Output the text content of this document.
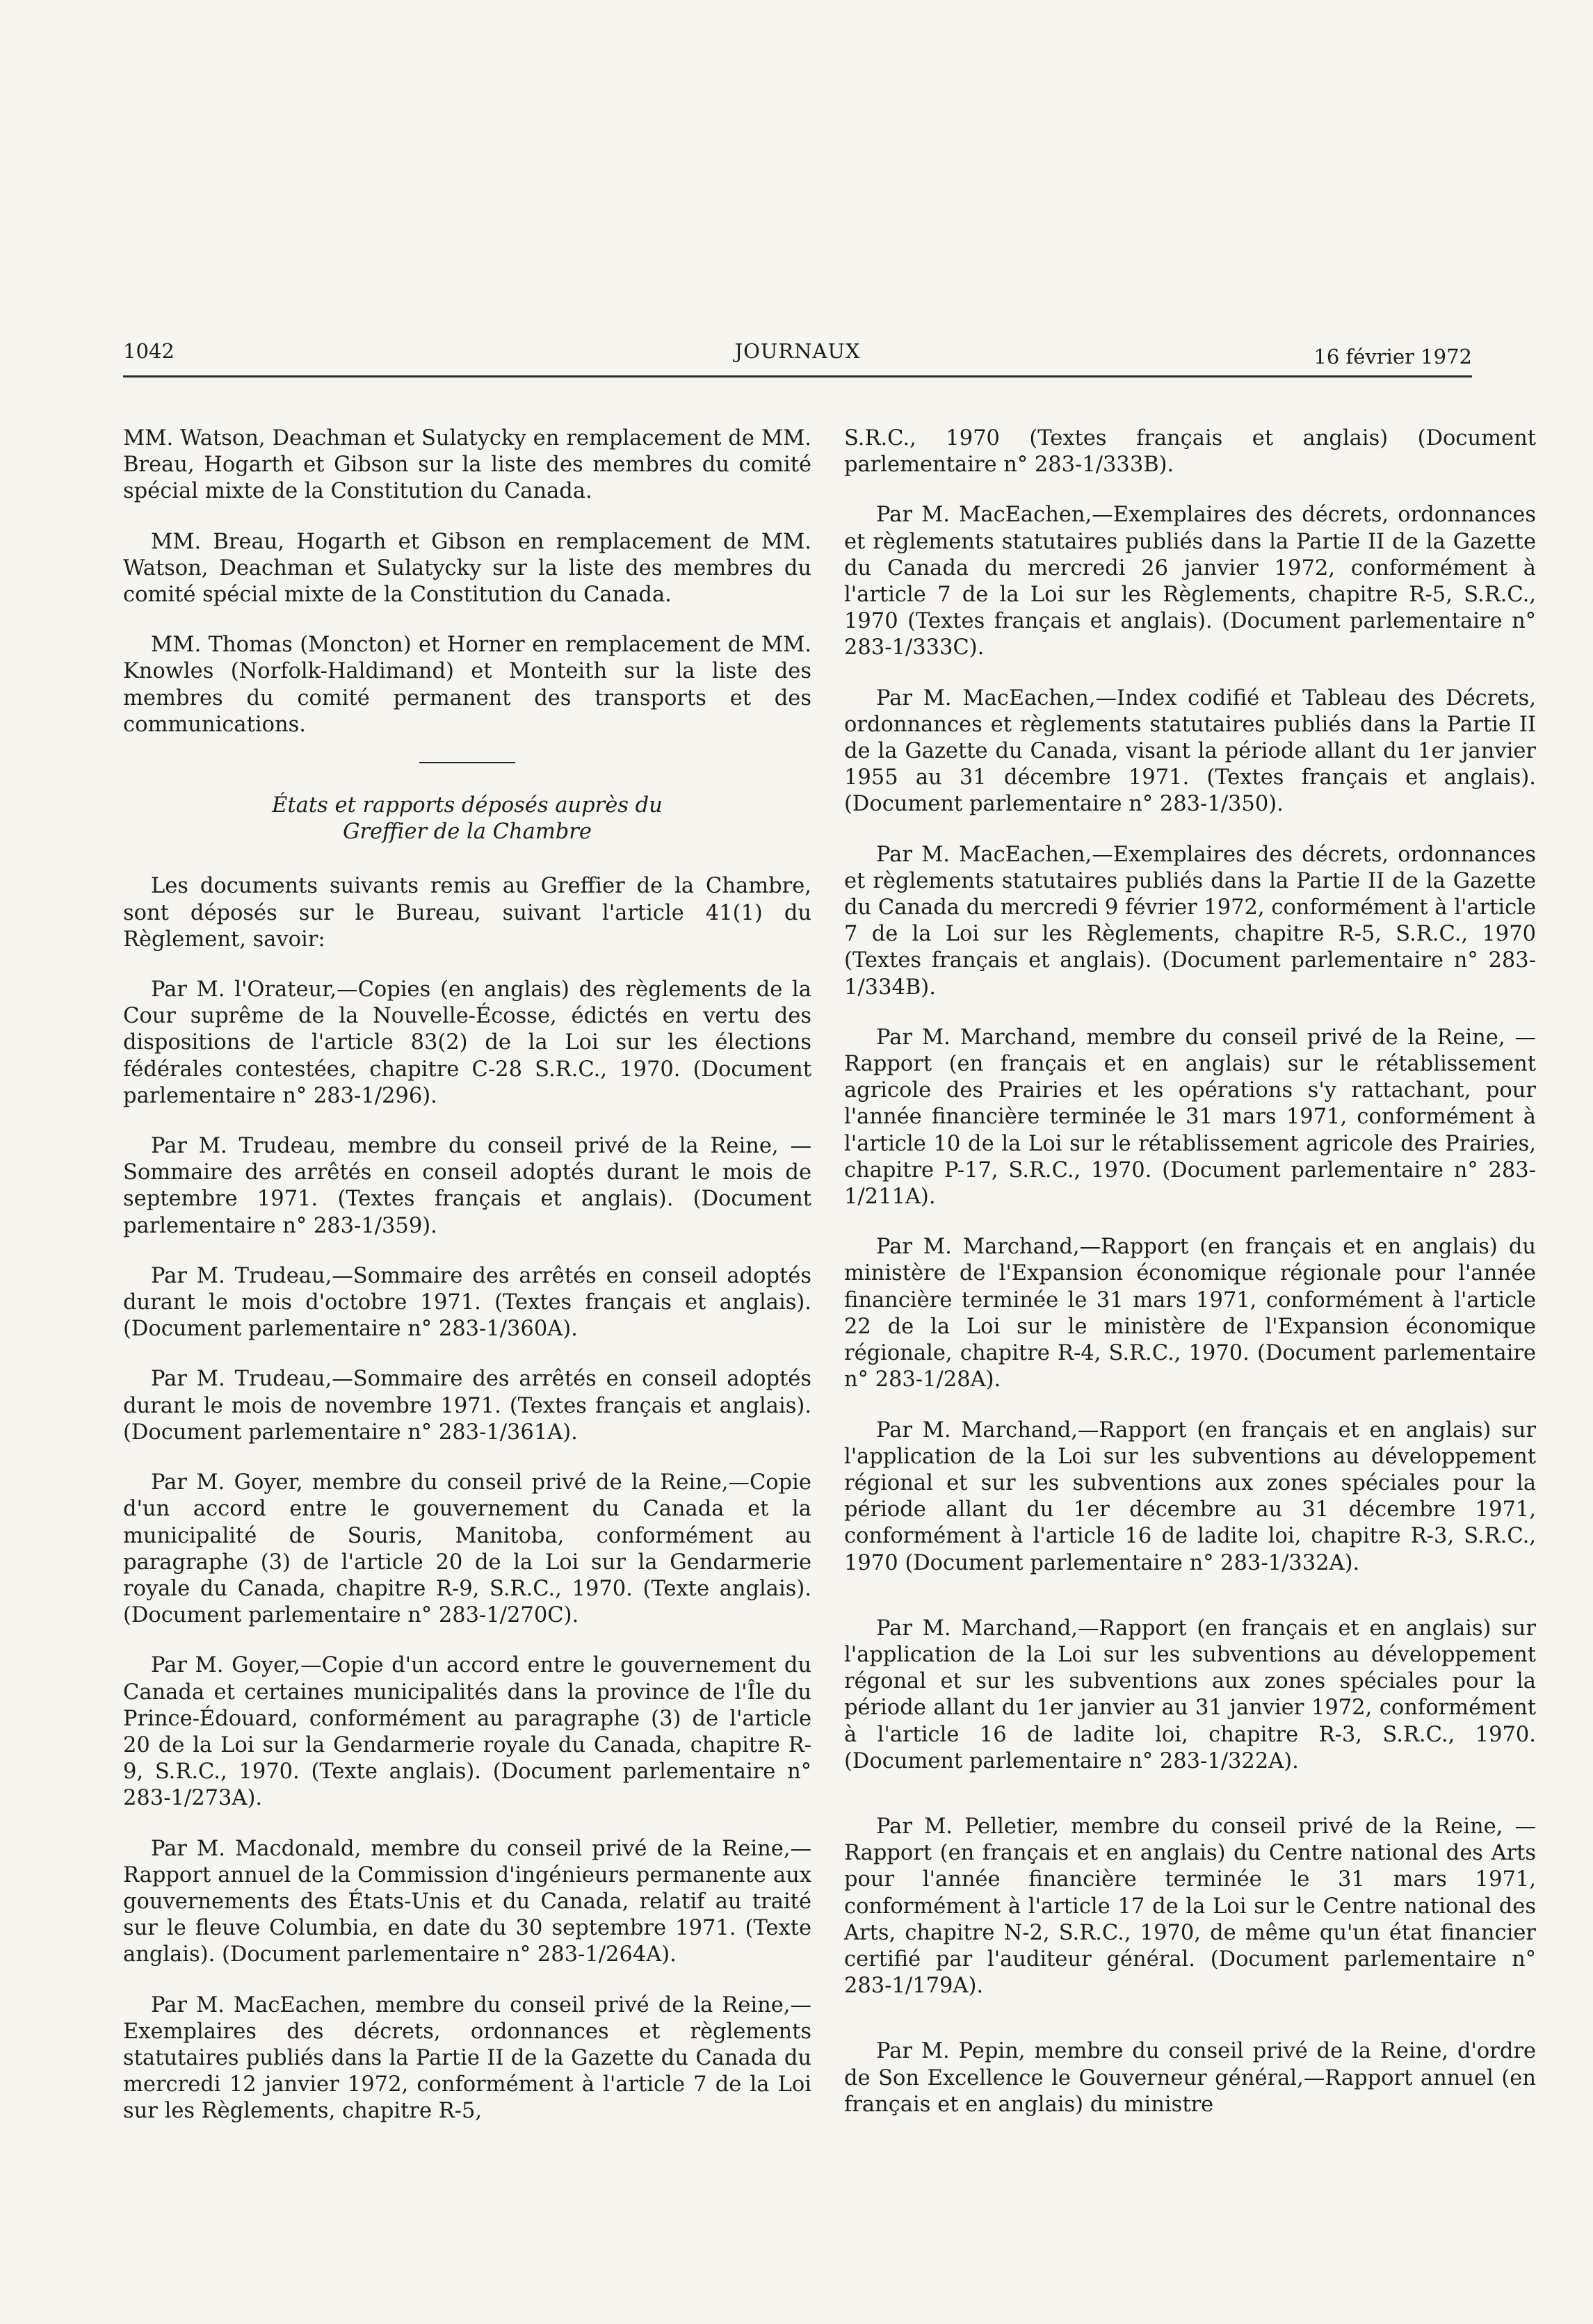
1042	JOURNAUX	16 février 1972

MM. Watson, Deachman et Sulatycky en remplacement de MM. Breau, Hogarth et Gibson sur la liste des membres du comité spécial mixte de la Constitution du Canada.

MM. Breau, Hogarth et Gibson en remplacement de MM. Watson, Deachman et Sulatycky sur la liste des membres du comité spécial mixte de la Constitution du Canada.

MM. Thomas (Moncton) et Horner en remplacement de MM. Knowles (Norfolk-Haldimand) et Monteith sur la liste des membres du comité permanent des transports et des communications.

États et rapports déposés auprès du
Greffier de la Chambre

Les documents suivants remis au Greffier de la Chambre, sont déposés sur le Bureau, suivant l'article 41(1) du Règlement, savoir:

Par M. l'Orateur,—Copies (en anglais) des règlements de la Cour suprême de la Nouvelle-Écosse, édictés en vertu des dispositions de l'article 83(2) de la Loi sur les élections fédérales contestées, chapitre C-28 S.R.C., 1970. (Document parlementaire n° 283-1/296).

Par M. Trudeau, membre du conseil privé de la Reine, —Sommaire des arrêtés en conseil adoptés durant le mois de septembre 1971. (Textes français et anglais). (Document parlementaire n° 283-1/359).

Par M. Trudeau,—Sommaire des arrêtés en conseil adoptés durant le mois d'octobre 1971. (Textes français et anglais). (Document parlementaire n° 283-1/360A).

Par M. Trudeau,—Sommaire des arrêtés en conseil adoptés durant le mois de novembre 1971. (Textes français et anglais). (Document parlementaire n° 283-1/361A).

Par M. Goyer, membre du conseil privé de la Reine,—Copie d'un accord entre le gouvernement du Canada et la municipalité de Souris, Manitoba, conformément au paragraphe (3) de l'article 20 de la Loi sur la Gendarmerie royale du Canada, chapitre R-9, S.R.C., 1970. (Texte anglais). (Document parlementaire n° 283-1/270C).

Par M. Goyer,—Copie d'un accord entre le gouvernement du Canada et certaines municipalités dans la province de l'Île du Prince-Édouard, conformément au paragraphe (3) de l'article 20 de la Loi sur la Gendarmerie royale du Canada, chapitre R-9, S.R.C., 1970. (Texte anglais). (Document parlementaire n° 283-1/273A).

Par M. Macdonald, membre du conseil privé de la Reine,—Rapport annuel de la Commission d'ingénieurs permanente aux gouvernements des États-Unis et du Canada, relatif au traité sur le fleuve Columbia, en date du 30 septembre 1971. (Texte anglais). (Document parlementaire n° 283-1/264A).

Par M. MacEachen, membre du conseil privé de la Reine,—Exemplaires des décrets, ordonnances et règlements statutaires publiés dans la Partie II de la Gazette du Canada du mercredi 12 janvier 1972, conformément à l'article 7 de la Loi sur les Règlements, chapitre R-5,

S.R.C., 1970 (Textes français et anglais) (Document parlementaire n° 283-1/333B).

Par M. MacEachen,—Exemplaires des décrets, ordonnances et règlements statutaires publiés dans la Partie II de la Gazette du Canada du mercredi 26 janvier 1972, conformément à l'article 7 de la Loi sur les Règlements, chapitre R-5, S.R.C., 1970 (Textes français et anglais). (Document parlementaire n° 283-1/333C).

Par M. MacEachen,—Index codifié et Tableau des Décrets, ordonnances et règlements statutaires publiés dans la Partie II de la Gazette du Canada, visant la période allant du 1er janvier 1955 au 31 décembre 1971. (Textes français et anglais). (Document parlementaire n° 283-1/350).

Par M. MacEachen,—Exemplaires des décrets, ordonnances et règlements statutaires publiés dans la Partie II de la Gazette du Canada du mercredi 9 février 1972, conformément à l'article 7 de la Loi sur les Règlements, chapitre R-5, S.R.C., 1970 (Textes français et anglais). (Document parlementaire n° 283-1/334B).

Par M. Marchand, membre du conseil privé de la Reine, —Rapport (en français et en anglais) sur le rétablissement agricole des Prairies et les opérations s'y rattachant, pour l'année financière terminée le 31 mars 1971, conformément à l'article 10 de la Loi sur le rétablissement agricole des Prairies, chapitre P-17, S.R.C., 1970. (Document parlementaire n° 283-1/211A).

Par M. Marchand,—Rapport (en français et en anglais) du ministère de l'Expansion économique régionale pour l'année financière terminée le 31 mars 1971, conformément à l'article 22 de la Loi sur le ministère de l'Expansion économique régionale, chapitre R-4, S.R.C., 1970. (Document parlementaire n° 283-1/28A).

Par M. Marchand,—Rapport (en français et en anglais) sur l'application de la Loi sur les subventions au développement régional et sur les subventions aux zones spéciales pour la période allant du 1er décembre au 31 décembre 1971, conformément à l'article 16 de ladite loi, chapitre R-3, S.R.C., 1970 (Document parlementaire n° 283-1/332A).

Par M. Marchand,—Rapport (en français et en anglais) sur l'application de la Loi sur les subventions au développement régonal et sur les subventions aux zones spéciales pour la période allant du 1er janvier au 31 janvier 1972, conformément à l'article 16 de ladite loi, chapitre R-3, S.R.C., 1970. (Document parlementaire n° 283-1/322A).

Par M. Pelletier, membre du conseil privé de la Reine, —Rapport (en français et en anglais) du Centre national des Arts pour l'année financière terminée le 31 mars 1971, conformément à l'article 17 de la Loi sur le Centre national des Arts, chapitre N-2, S.R.C., 1970, de même qu'un état financier certifié par l'auditeur général. (Document parlementaire n° 283-1/179A).

Par M. Pepin, membre du conseil privé de la Reine, d'ordre de Son Excellence le Gouverneur général,—Rapport annuel (en français et en anglais) du ministre
